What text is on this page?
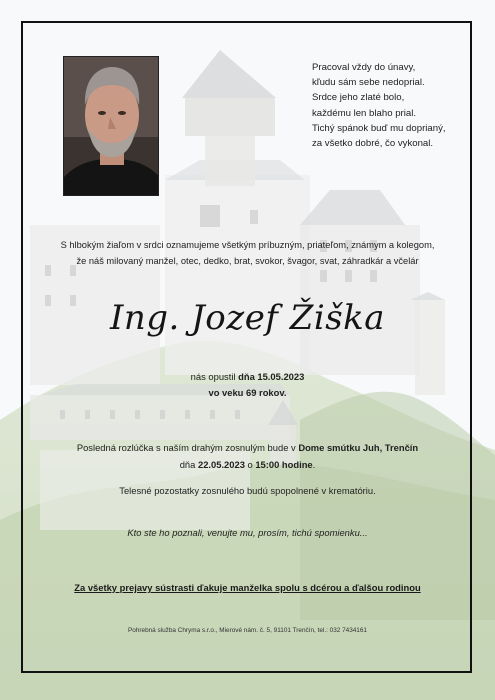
Pracoval vždy do únavy,
kľudu sám sebe nedoprial.
Srdce jeho zlaté bolo,
každému len blaho prial.
Tichý spánok buď mu doprianý,
za všetko dobré, čo vykonal.
S hlbokým žiaľom v srdci oznamujeme všetkým príbuzným, priateľom, známym a kolegom,
že náš milovaný manžel, otec, dedko, brat, svokor, švagor, svat, záhradkár a včelár
Ing. Jozef Žiška
nás opustil dňa 15.05.2023
vo veku 69 rokov.
Posledná rozlúčka s naším drahým zosnulým bude v Dome smútku Juh, Trenčín
dňa 22.05.2023 o 15:00 hodine.
Telesné pozostatky zosnulého budú spopolnené v krematóriu.
Kto ste ho poznali, venujte mu, prosím, tichú spomienku...
Za všetky prejavy sústrasti ďakuje manželka spolu s dcérou a ďalšou rodinou
Pohrebná služba Chryma s.r.o., Mierové nám. č. 5, 91101 Trenčín, tel.: 032 7434161
